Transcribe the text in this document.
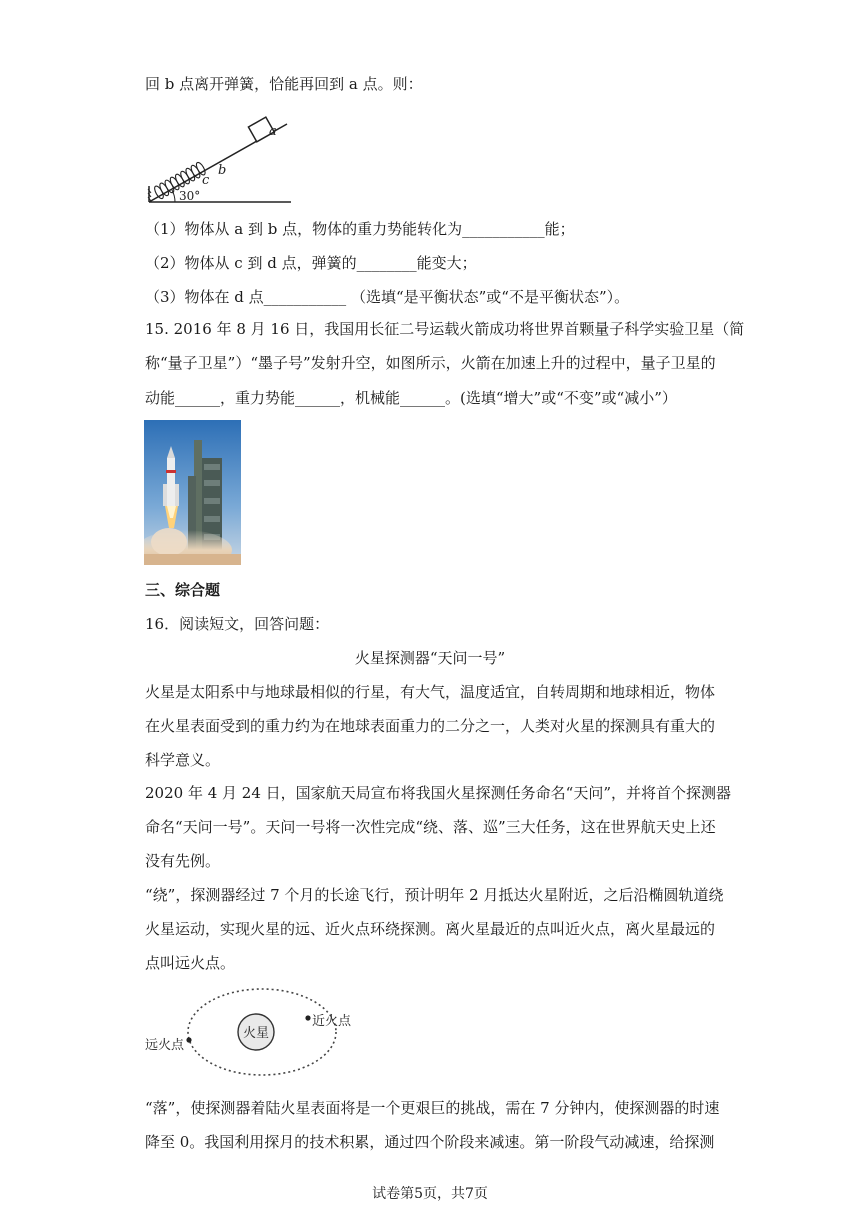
回 b 点离开弹簧，恰能再回到 a 点。则：
a
b
c
30°
（1）物体从 a 到 b 点，物体的重力势能转化为___________能；
（2）物体从 c 到 d 点，弹簧的________能变大；
（3）物体在 d 点___________ （选填“是平衡状态”或“不是平衡状态”）。
15. 2016 年 8 月 16 日，我国用长征二号运载火箭成功将世界首颗量子科学实验卫星（简
称“量子卫星”）“墨子号”发射升空，如图所示，火箭在加速上升的过程中，量子卫星的
动能______，重力势能______，机械能______。(选填“增大”或“不变”或“减小”）
三、综合题
16．阅读短文，回答问题：
火星探测器“天问一号”
火星是太阳系中与地球最相似的行星，有大气，温度适宜，自转周期和地球相近，物体
在火星表面受到的重力约为在地球表面重力的二分之一，人类对火星的探测具有重大的
科学意义。
2020 年 4 月 24 日，国家航天局宣布将我国火星探测任务命名“天问”，并将首个探测器
命名“天问一号”。天问一号将一次性完成“绕、落、巡”三大任务，这在世界航天史上还
没有先例。
“绕”，探测器经过 7 个月的长途飞行，预计明年 2 月抵达火星附近，之后沿椭圆轨道绕
火星运动，实现火星的远、近火点环绕探测。离火星最近的点叫近火点，离火星最远的
点叫远火点。
火星
近火点
远火点
“落”，使探测器着陆火星表面将是一个更艰巨的挑战，需在 7 分钟内，使探测器的时速
降至 0。我国利用探月的技术积累，通过四个阶段来减速。第一阶段气动减速，给探测
试卷第5页，共7页
